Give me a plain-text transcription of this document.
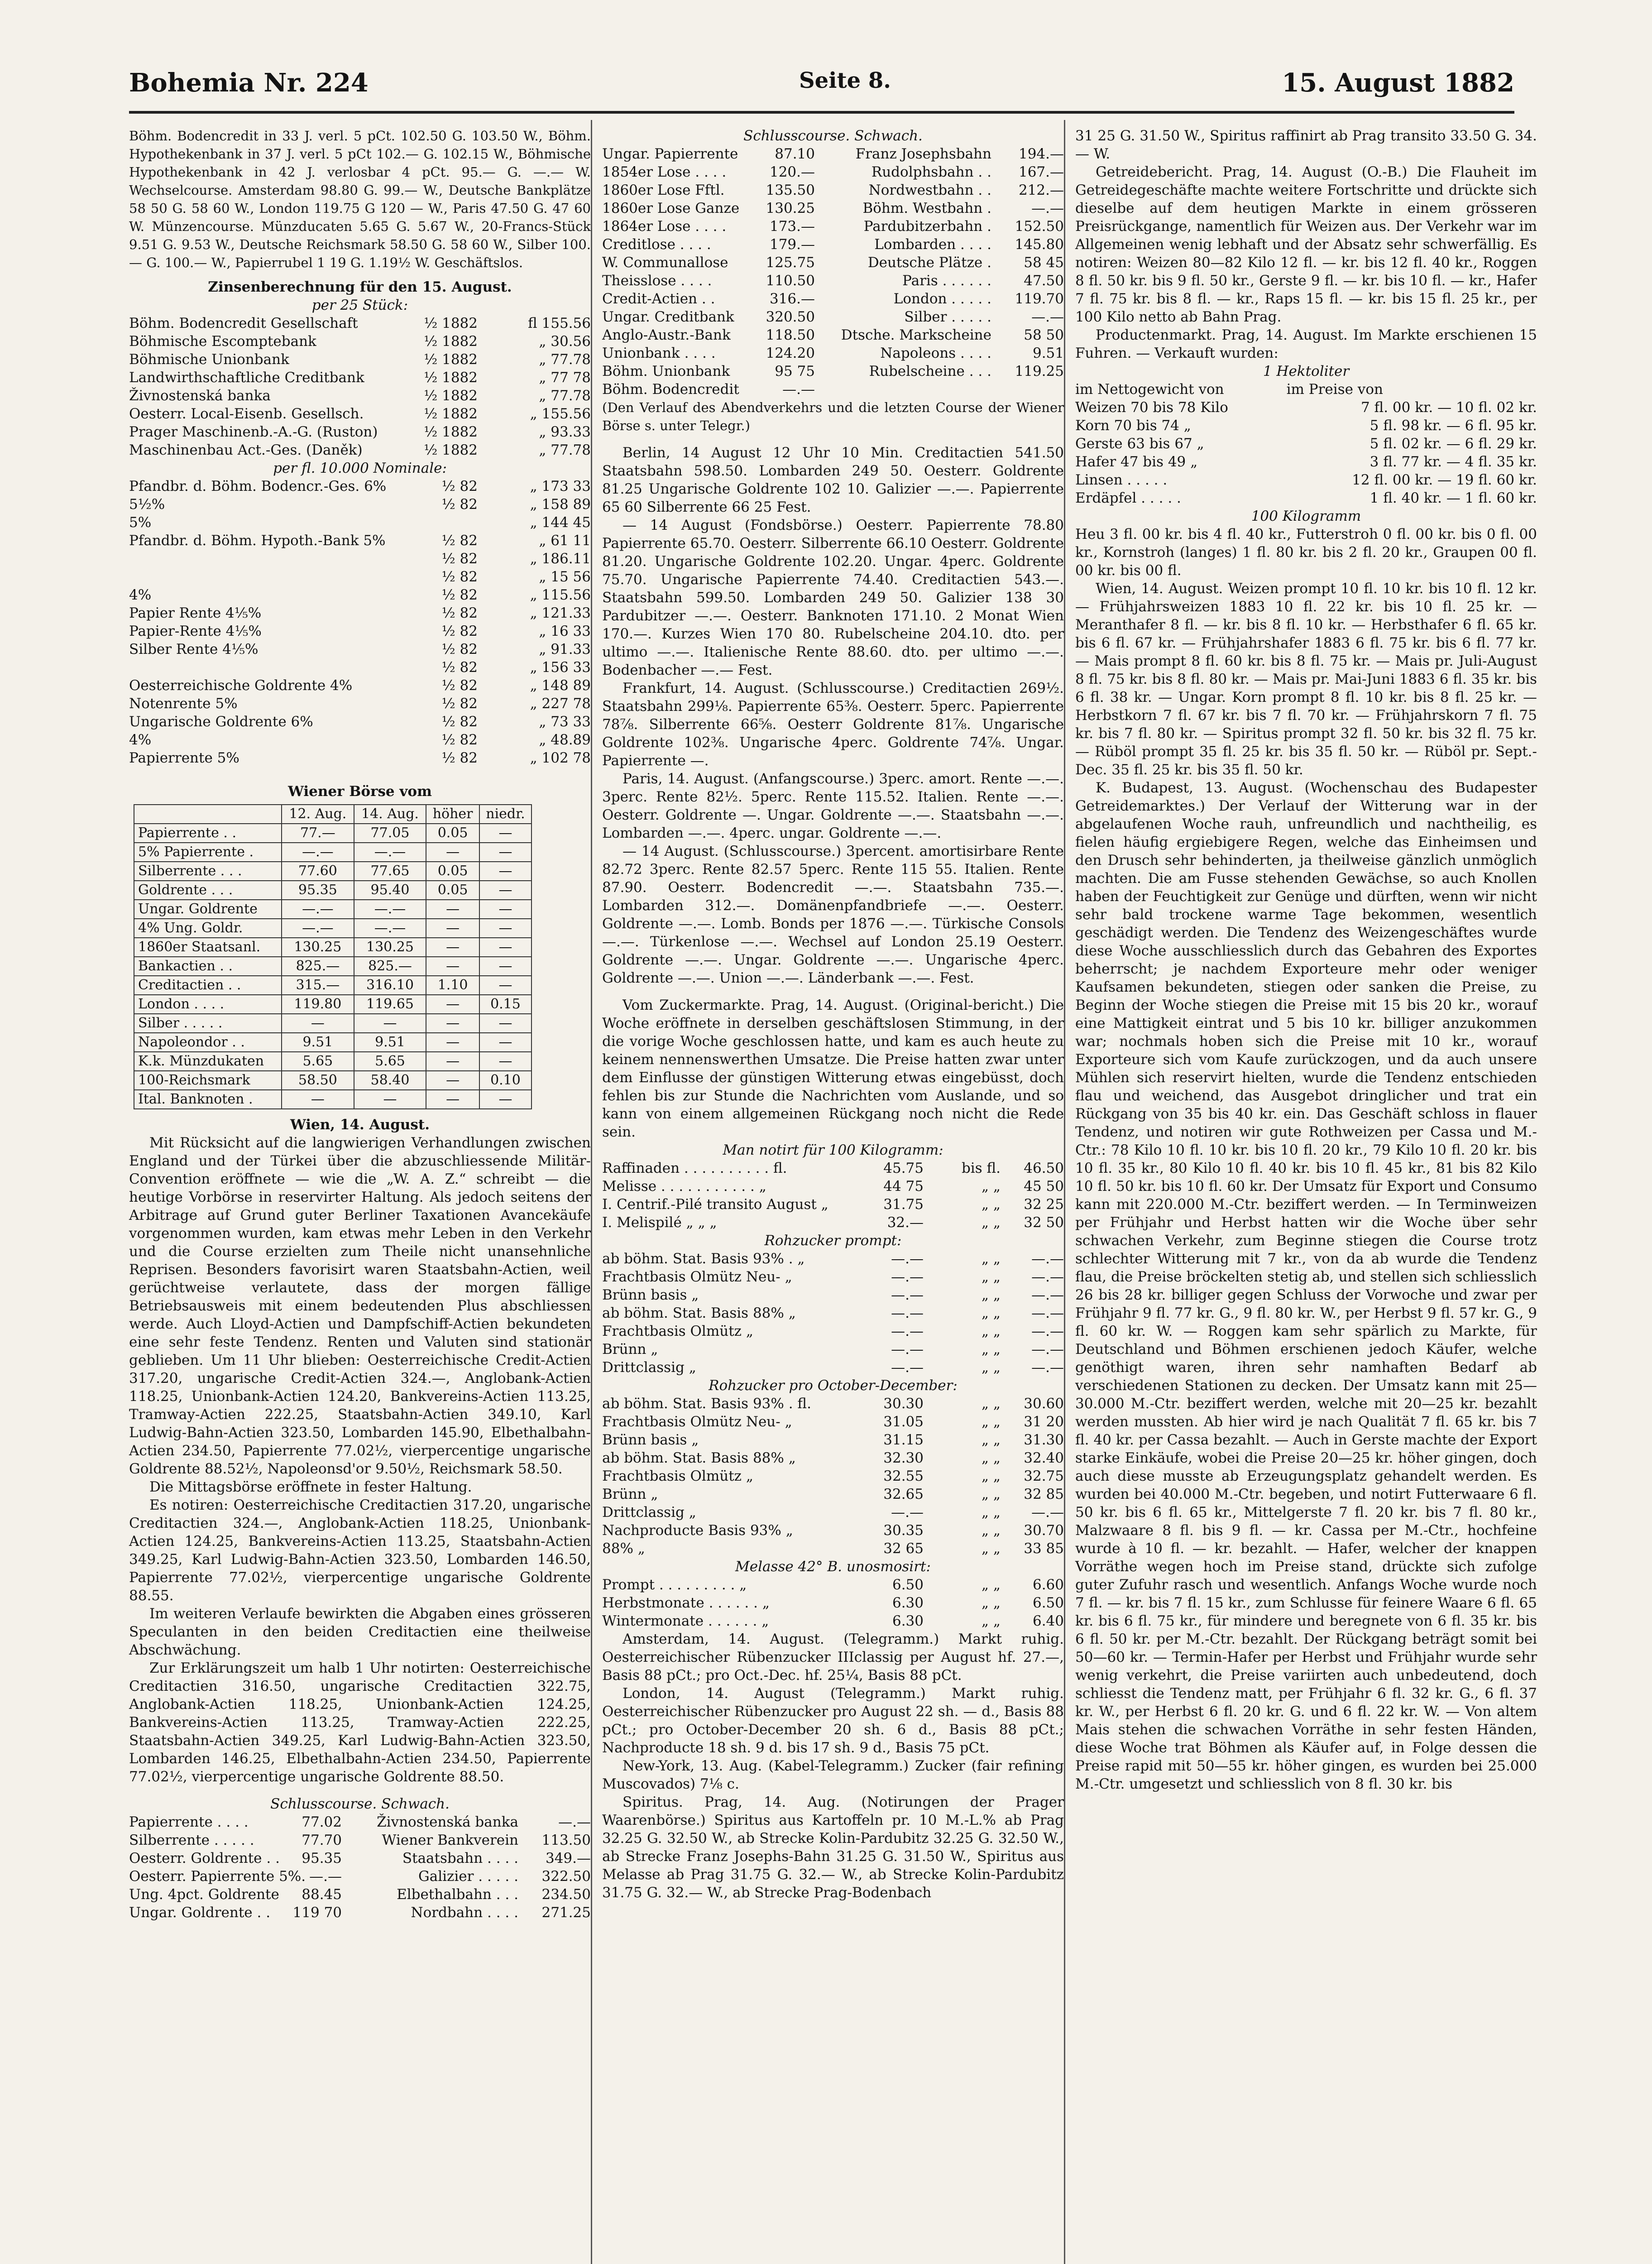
Bohemia Nr. 224	Seite 8.	15. August 1882

Böhm. Bodencredit in 33 J. verl. 5 pCt. 102.50 G. 103.50 W., Böhm. Hypothekenbank in 37 J. verl. 5 pCt 102.— G. 102.15 W., Böhmische Hypothekenbank in 42 J. verlosbar 4 pCt. 95.— G. —.— W. Wechselcourse. Amsterdam 98.80 G. 99.— W., Deutsche Bankplätze 58 50 G. 58 60 W., London 119.75 G 120 — W., Paris 47.50 G. 47 60 W. Münzencourse. Münzducaten 5.65 G. 5.67 W., 20-Francs-Stück 9.51 G. 9.53 W., Deutsche Reichsmark 58.50 G. 58 60 W., Silber 100.— G. 100.— W., Papierrubel 1 19 G. 1.19½ W. Geschäftslos.

Zinsenberechnung für den 15. August.
per 25 Stück:
Böhm. Bodencredit Gesellschaft	½ 1882	fl 155.56
Böhmische Escomptebank	½ 1882	„ 30.56
Böhmische Unionbank	½ 1882	„ 77.78
Landwirthschaftliche Creditbank	½ 1882	„ 77 78
Živnostenská banka	½ 1882	„ 77.78
Oesterr. Local-Eisenb. Gesellsch.	½ 1882	„ 155.56
Prager Maschinenb.-A.-G. (Ruston)	½ 1882	„ 93.33
Maschinenbau Act.-Ges. (Daněk)	½ 1882	„ 77.78
per fl. 10.000 Nominale:
Pfandbr. d. Böhm. Bodencr.-Ges. 6%	½ 82	„ 173 33
5½%	½ 82	„ 158 89
5%	„ 144 45
Pfandbr. d. Böhm. Hypoth.-Bank 5%	½ 82	„ 61 11
½ 82	„ 186.11
½ 82	„ 15 56
4%	½ 82	„ 115.56
Papier Rente 4⅕%	½ 82	„ 121.33
Papier-Rente 4⅕%	½ 82	„ 16 33
Silber Rente 4⅕%	½ 82	„ 91.33
½ 82	„ 156 33
Oesterreichische Goldrente 4%	½ 82	„ 148 89
Notenrente 5%	½ 82	„ 227 78
Ungarische Goldrente 6%	½ 82	„ 73 33
4%	½ 82	„ 48.89
Papierrente 5%	½ 82	„ 102 78
Wiener Börse vom
	12. Aug.	14. Aug.	höher	niedr.
Papierrente . .	77.—	77.05	0.05	—
5% Papierrente .	—.—	—.—	—	—
Silberrente . . .	77.60	77.65	0.05	—
Goldrente . . .	95.35	95.40	0.05	—
Ungar. Goldrente	—.—	—.—	—	—
4% Ung. Goldr.	—.—	—.—	—	—
1860er Staatsanl.	130.25	130.25	—	—
Bankactien . .	825.—	825.—	—	—
Creditactien . .	315.—	316.10	1.10	—
London . . . .	119.80	119.65	—	0.15
Silber . . . . .	—	—	—	—
Napoleondor . .	9.51	9.51	—	—
K.k. Münzdukaten	5.65	5.65	—	—
100-Reichsmark	58.50	58.40	—	0.10
Ital. Banknoten .	—	—	—	—
Wien, 14. August.

Mit Rücksicht auf die langwierigen Verhandlungen zwischen England und der Türkei über die abzuschliessende Militär-Convention eröffnete — wie die „W. A. Z.“ schreibt — die heutige Vorbörse in reservirter Haltung. Als jedoch seitens der Arbitrage auf Grund guter Berliner Taxationen Avancekäufe vorgenommen wurden, kam etwas mehr Leben in den Verkehr und die Course erzielten zum Theile nicht unansehnliche Reprisen. Besonders favorisirt waren Staatsbahn-Actien, weil gerüchtweise verlautete, dass der morgen fällige Betriebsausweis mit einem bedeutenden Plus abschliessen werde. Auch Lloyd-Actien und Dampfschiff-Actien bekundeten eine sehr feste Tendenz. Renten und Valuten sind stationär geblieben. Um 11 Uhr blieben: Oesterreichische Credit-Actien 317.20, ungarische Credit-Actien 324.—, Anglobank-Actien 118.25, Unionbank-Actien 124.20, Bankvereins-Actien 113.25, Tramway-Actien 222.25, Staatsbahn-Actien 349.10, Karl Ludwig-Bahn-Actien 323.50, Lombarden 145.90, Elbethalbahn-Actien 234.50, Papierrente 77.02½, vierpercentige ungarische Goldrente 88.52½, Napoleonsd'or 9.50½, Reichsmark 58.50.

Die Mittagsbörse eröffnete in fester Haltung.

Es notiren: Oesterreichische Creditactien 317.20, ungarische Creditactien 324.—, Anglobank-Actien 118.25, Unionbank-Actien 124.25, Bankvereins-Actien 113.25, Staatsbahn-Actien 349.25, Karl Ludwig-Bahn-Actien 323.50, Lombarden 146.50, Papierrente 77.02½, vierpercentige ungarische Goldrente 88.55.

Im weiteren Verlaufe bewirkten die Abgaben eines grösseren Speculanten in den beiden Creditactien eine theilweise Abschwächung.

Zur Erklärungszeit um halb 1 Uhr notirten: Oesterreichische Creditactien 316.50, ungarische Creditactien 322.75, Anglobank-Actien 118.25, Unionbank-Actien 124.25, Bankvereins-Actien 113.25, Tramway-Actien 222.25, Staatsbahn-Actien 349.25, Karl Ludwig-Bahn-Actien 323.50, Lombarden 146.25, Elbethalbahn-Actien 234.50, Papierrente 77.02½, vierpercentige ungarische Goldrente 88.50.

Schlusscourse. Schwach.
Papierrente . . . .	77.02	Živnostenská banka	—.—
Silberrente . . . . .	77.70	Wiener Bankverein	113.50
Oesterr. Goldrente . .	95.35	Staatsbahn . . . .	349.—
Oesterr. Papierrente 5%. —.—	Galizier . . . . .	322.50
Ung. 4pct. Goldrente	88.45	Elbethalbahn . . .	234.50
Ungar. Goldrente . .	119 70	Nordbahn . . . .	271.25
Schlusscourse. Schwach.
Ungar. Papierrente	87.10	Franz Josephsbahn	194.—
1854er Lose . . . .	120.—	Rudolphsbahn . .	167.—
1860er Lose Fftl.	135.50	Nordwestbahn . .	212.—
1860er Lose Ganze	130.25	Böhm. Westbahn .	—.—
1864er Lose . . . .	173.—	Pardubitzerbahn .	152.50
Creditlose . . . .	179.—	Lombarden . . . .	145.80
W. Communallose	125.75	Deutsche Plätze .	58 45
Theisslose . . . .	110.50	Paris . . . . . .	47.50
Credit-Actien . .	316.—	London . . . . .	119.70
Ungar. Creditbank	320.50	Silber . . . . .	—.—
Anglo-Austr.-Bank	118.50	Dtsche. Markscheine	58 50
Unionbank . . . .	124.20	Napoleons . . . .	9.51
Böhm. Unionbank	95 75	Rubelscheine . . .	119.25
Böhm. Bodencredit	—.—

(Den Verlauf des Abendverkehrs und die letzten Course der Wiener Börse s. unter Telegr.)

Berlin, 14 August 12 Uhr 10 Min. Creditactien 541.50 Staatsbahn 598.50. Lombarden 249 50. Oesterr. Goldrente 81.25 Ungarische Goldrente 102 10. Galizier —.—. Papierrente 65 60 Silberrente 66 25 Fest.

— 14 August (Fondsbörse.) Oesterr. Papierrente 78.80 Papierrente 65.70. Oesterr. Silberrente 66.10 Oesterr. Goldrente 81.20. Ungarische Goldrente 102.20. Ungar. 4perc. Goldrente 75.70. Ungarische Papierrente 74.40. Creditactien 543.—. Staatsbahn 599.50. Lombarden 249 50. Galizier 138 30 Pardubitzer —.—. Oesterr. Banknoten 171.10. 2 Monat Wien 170.—. Kurzes Wien 170 80. Rubelscheine 204.10. dto. per ultimo —.—. Italienische Rente 88.60. dto. per ultimo —.—. Bodenbacher —.— Fest.

Frankfurt, 14. August. (Schlusscourse.) Creditactien 269½. Staatsbahn 299⅛. Papierrente 65⅜. Oesterr. 5perc. Papierrente 78⅞. Silberrente 66⅝. Oesterr Goldrente 81⅞. Ungarische Goldrente 102⅜. Ungarische 4perc. Goldrente 74⅞. Ungar. Papierrente —.

Paris, 14. August. (Anfangscourse.) 3perc. amort. Rente —.—. 3perc. Rente 82½. 5perc. Rente 115.52. Italien. Rente —.—. Oesterr. Goldrente —. Ungar. Goldrente —.—. Staatsbahn —.—. Lombarden —.—. 4perc. ungar. Goldrente —.—.

— 14 August. (Schlusscourse.) 3percent. amortisirbare Rente 82.72 3perc. Rente 82.57 5perc. Rente 115 55. Italien. Rente 87.90. Oesterr. Bodencredit —.—. Staatsbahn 735.—. Lombarden 312.—. Domänenpfandbriefe —.—. Oesterr. Goldrente —.—. Lomb. Bonds per 1876 —.—. Türkische Consols —.—. Türkenlose —.—. Wechsel auf London 25.19 Oesterr. Goldrente —.—. Ungar. Goldrente —.—. Ungarische 4perc. Goldrente —.—. Union —.—. Länderbank —.—. Fest.

Vom Zuckermarkte. Prag, 14. August. (Original-bericht.) Die Woche eröffnete in derselben geschäftslosen Stimmung, in der die vorige Woche geschlossen hatte, und kam es auch heute zu keinem nennenswerthen Umsatze. Die Preise hatten zwar unter dem Einflusse der günstigen Witterung etwas eingebüsst, doch fehlen bis zur Stunde die Nachrichten vom Auslande, und so kann von einem allgemeinen Rückgang noch nicht die Rede sein.

Man notirt für 100 Kilogramm:
Raffinaden . . . . . . . . . . fl.	45.75	bis fl.	46.50
Melisse . . . . . . . . . . . „	44 75	„ „	45 50
I. Centrif.-Pilé transito August „	31.75	„ „	32 25
I. Melispilé „ „ „	32.—	„ „	32 50
Rohzucker prompt:
ab böhm. Stat. Basis 93% . „	—.—	„ „	—.—
Frachtbasis Olmütz Neu- „	—.—	„ „	—.—
Brünn basis „	—.—	„ „	—.—
ab böhm. Stat. Basis 88% „	—.—	„ „	—.—
Frachtbasis Olmütz „	—.—	„ „	—.—
Brünn „	—.—	„ „	—.—
Drittclassig „	—.—	„ „	—.—
Rohzucker pro October-December:
ab böhm. Stat. Basis 93% . fl.	30.30	„ „	30.60
Frachtbasis Olmütz Neu- „	31.05	„ „	31 20
Brünn basis „	31.15	„ „	31.30
ab böhm. Stat. Basis 88% „	32.30	„ „	32.40
Frachtbasis Olmütz „	32.55	„ „	32.75
Brünn „	32.65	„ „	32 85
Drittclassig „	—.—	„ „	—.—
Nachproducte Basis 93% „	30.35	„ „	30.70
88% „	32 65	„ „	33 85
Melasse 42° B. unosmosirt:
Prompt . . . . . . . . . „	6.50	„ „	6.60
Herbstmonate . . . . . . „	6.30	„ „	6.50
Wintermonate . . . . . . „	6.30	„ „	6.40

Amsterdam, 14. August. (Telegramm.) Markt ruhig. Oesterreichischer Rübenzucker IIIclassig per August hf. 27.—, Basis 88 pCt.; pro Oct.-Dec. hf. 25¼, Basis 88 pCt.

London, 14. August (Telegramm.) Markt ruhig. Oesterreichischer Rübenzucker pro August 22 sh. — d., Basis 88 pCt.; pro October-December 20 sh. 6 d., Basis 88 pCt.; Nachproducte 18 sh. 9 d. bis 17 sh. 9 d., Basis 75 pCt.

New-York, 13. Aug. (Kabel-Telegramm.) Zucker (fair refining Muscovados) 7⅛ c.

Spiritus. Prag, 14. Aug. (Notirungen der Prager Waarenbörse.) Spiritus aus Kartoffeln pr. 10 M.-L.% ab Prag 32.25 G. 32.50 W., ab Strecke Kolin-Pardubitz 32.25 G. 32.50 W., ab Strecke Franz Josephs-Bahn 31.25 G. 31.50 W., Spiritus aus Melasse ab Prag 31.75 G. 32.— W., ab Strecke Kolin-Pardubitz 31.75 G. 32.— W., ab Strecke Prag-Bodenbach

31 25 G. 31.50 W., Spiritus raffinirt ab Prag transito 33.50 G. 34.— W.

Getreidebericht. Prag, 14. August (O.-B.) Die Flauheit im Getreidegeschäfte machte weitere Fortschritte und drückte sich dieselbe auf dem heutigen Markte in einem grösseren Preisrückgange, namentlich für Weizen aus. Der Verkehr war im Allgemeinen wenig lebhaft und der Absatz sehr schwerfällig. Es notiren: Weizen 80—82 Kilo 12 fl. — kr. bis 12 fl. 40 kr., Roggen 8 fl. 50 kr. bis 9 fl. 50 kr., Gerste 9 fl. — kr. bis 10 fl. — kr., Hafer 7 fl. 75 kr. bis 8 fl. — kr., Raps 15 fl. — kr. bis 15 fl. 25 kr., per 100 Kilo netto ab Bahn Prag.

Productenmarkt. Prag, 14. August. Im Markte erschienen 15 Fuhren. — Verkauft wurden:

1 Hektoliter
im Nettogewicht von              im Preise von
Weizen 70 bis 78 Kilo	7 fl. 00 kr. — 10 fl. 02 kr.
Korn 70 bis 74 „	5 fl. 98 kr. — 6 fl. 95 kr.
Gerste 63 bis 67 „	5 fl. 02 kr. — 6 fl. 29 kr.
Hafer 47 bis 49 „	3 fl. 77 kr. — 4 fl. 35 kr.
Linsen . . . . .	12 fl. 00 kr. — 19 fl. 60 kr.
Erdäpfel . . . . .	1 fl. 40 kr. — 1 fl. 60 kr.
100 Kilogramm

Heu 3 fl. 00 kr. bis 4 fl. 40 kr., Futterstroh 0 fl. 00 kr. bis 0 fl. 00 kr., Kornstroh (langes) 1 fl. 80 kr. bis 2 fl. 20 kr., Graupen 00 fl. 00 kr. bis 00 fl.

Wien, 14. August. Weizen prompt 10 fl. 10 kr. bis 10 fl. 12 kr. — Frühjahrsweizen 1883 10 fl. 22 kr. bis 10 fl. 25 kr. — Meranthafer 8 fl. — kr. bis 8 fl. 10 kr. — Herbsthafer 6 fl. 65 kr. bis 6 fl. 67 kr. — Frühjahrshafer 1883 6 fl. 75 kr. bis 6 fl. 77 kr. — Mais prompt 8 fl. 60 kr. bis 8 fl. 75 kr. — Mais pr. Juli-August 8 fl. 75 kr. bis 8 fl. 80 kr. — Mais pr. Mai-Juni 1883 6 fl. 35 kr. bis 6 fl. 38 kr. — Ungar. Korn prompt 8 fl. 10 kr. bis 8 fl. 25 kr. — Herbstkorn 7 fl. 67 kr. bis 7 fl. 70 kr. — Frühjahrskorn 7 fl. 75 kr. bis 7 fl. 80 kr. — Spiritus prompt 32 fl. 50 kr. bis 32 fl. 75 kr. — Rüböl prompt 35 fl. 25 kr. bis 35 fl. 50 kr. — Rüböl pr. Sept.-Dec. 35 fl. 25 kr. bis 35 fl. 50 kr.

K. Budapest, 13. August. (Wochenschau des Budapester Getreidemarktes.) Der Verlauf der Witterung war in der abgelaufenen Woche rauh, unfreundlich und nachtheilig, es fielen häufig ergiebigere Regen, welche das Einheimsen und den Drusch sehr behinderten, ja theilweise gänzlich unmöglich machten. Die am Fusse stehenden Gewächse, so auch Knollen haben der Feuchtigkeit zur Genüge und dürften, wenn wir nicht sehr bald trockene warme Tage bekommen, wesentlich geschädigt werden. Die Tendenz des Weizengeschäftes wurde diese Woche ausschliesslich durch das Gebahren des Exportes beherrscht; je nachdem Exporteure mehr oder weniger Kaufsamen bekundeten, stiegen oder sanken die Preise, zu Beginn der Woche stiegen die Preise mit 15 bis 20 kr., worauf eine Mattigkeit eintrat und 5 bis 10 kr. billiger anzukommen war; nochmals hoben sich die Preise mit 10 kr., worauf Exporteure sich vom Kaufe zurückzogen, und da auch unsere Mühlen sich reservirt hielten, wurde die Tendenz entschieden flau und weichend, das Ausgebot dringlicher und trat ein Rückgang von 35 bis 40 kr. ein. Das Geschäft schloss in flauer Tendenz, und notiren wir gute Rothweizen per Cassa und M.-Ctr.: 78 Kilo 10 fl. 10 kr. bis 10 fl. 20 kr., 79 Kilo 10 fl. 20 kr. bis 10 fl. 35 kr., 80 Kilo 10 fl. 40 kr. bis 10 fl. 45 kr., 81 bis 82 Kilo 10 fl. 50 kr. bis 10 fl. 60 kr. Der Umsatz für Export und Consumo kann mit 220.000 M.-Ctr. beziffert werden. — In Terminweizen per Frühjahr und Herbst hatten wir die Woche über sehr schwachen Verkehr, zum Beginne stiegen die Course trotz schlechter Witterung mit 7 kr., von da ab wurde die Tendenz flau, die Preise bröckelten stetig ab, und stellen sich schliesslich 26 bis 28 kr. billiger gegen Schluss der Vorwoche und zwar per Frühjahr 9 fl. 77 kr. G., 9 fl. 80 kr. W., per Herbst 9 fl. 57 kr. G., 9 fl. 60 kr. W. — Roggen kam sehr spärlich zu Markte, für Deutschland und Böhmen erschienen jedoch Käufer, welche genöthigt waren, ihren sehr namhaften Bedarf ab verschiedenen Stationen zu decken. Der Umsatz kann mit 25—30.000 M.-Ctr. beziffert werden, welche mit 20—25 kr. bezahlt werden mussten. Ab hier wird je nach Qualität 7 fl. 65 kr. bis 7 fl. 40 kr. per Cassa bezahlt. — Auch in Gerste machte der Export starke Einkäufe, wobei die Preise 20—25 kr. höher gingen, doch auch diese musste ab Erzeugungsplatz gehandelt werden. Es wurden bei 40.000 M.-Ctr. begeben, und notirt Futterwaare 6 fl. 50 kr. bis 6 fl. 65 kr., Mittelgerste 7 fl. 20 kr. bis 7 fl. 80 kr., Malzwaare 8 fl. bis 9 fl. — kr. Cassa per M.-Ctr., hochfeine wurde à 10 fl. — kr. bezahlt. — Hafer, welcher der knappen Vorräthe wegen hoch im Preise stand, drückte sich zufolge guter Zufuhr rasch und wesentlich. Anfangs Woche wurde noch 7 fl. — kr. bis 7 fl. 15 kr., zum Schlusse für feinere Waare 6 fl. 65 kr. bis 6 fl. 75 kr., für mindere und beregnete von 6 fl. 35 kr. bis 6 fl. 50 kr. per M.-Ctr. bezahlt. Der Rückgang beträgt somit bei 50—60 kr. — Termin-Hafer per Herbst und Frühjahr wurde sehr wenig verkehrt, die Preise variirten auch unbedeutend, doch schliesst die Tendenz matt, per Frühjahr 6 fl. 32 kr. G., 6 fl. 37 kr. W., per Herbst 6 fl. 20 kr. G. und 6 fl. 22 kr. W. — Von altem Mais stehen die schwachen Vorräthe in sehr festen Händen, diese Woche trat Böhmen als Käufer auf, in Folge dessen die Preise rapid mit 50—55 kr. höher gingen, es wurden bei 25.000 M.-Ctr. umgesetzt und schliesslich von 8 fl. 30 kr. bis
